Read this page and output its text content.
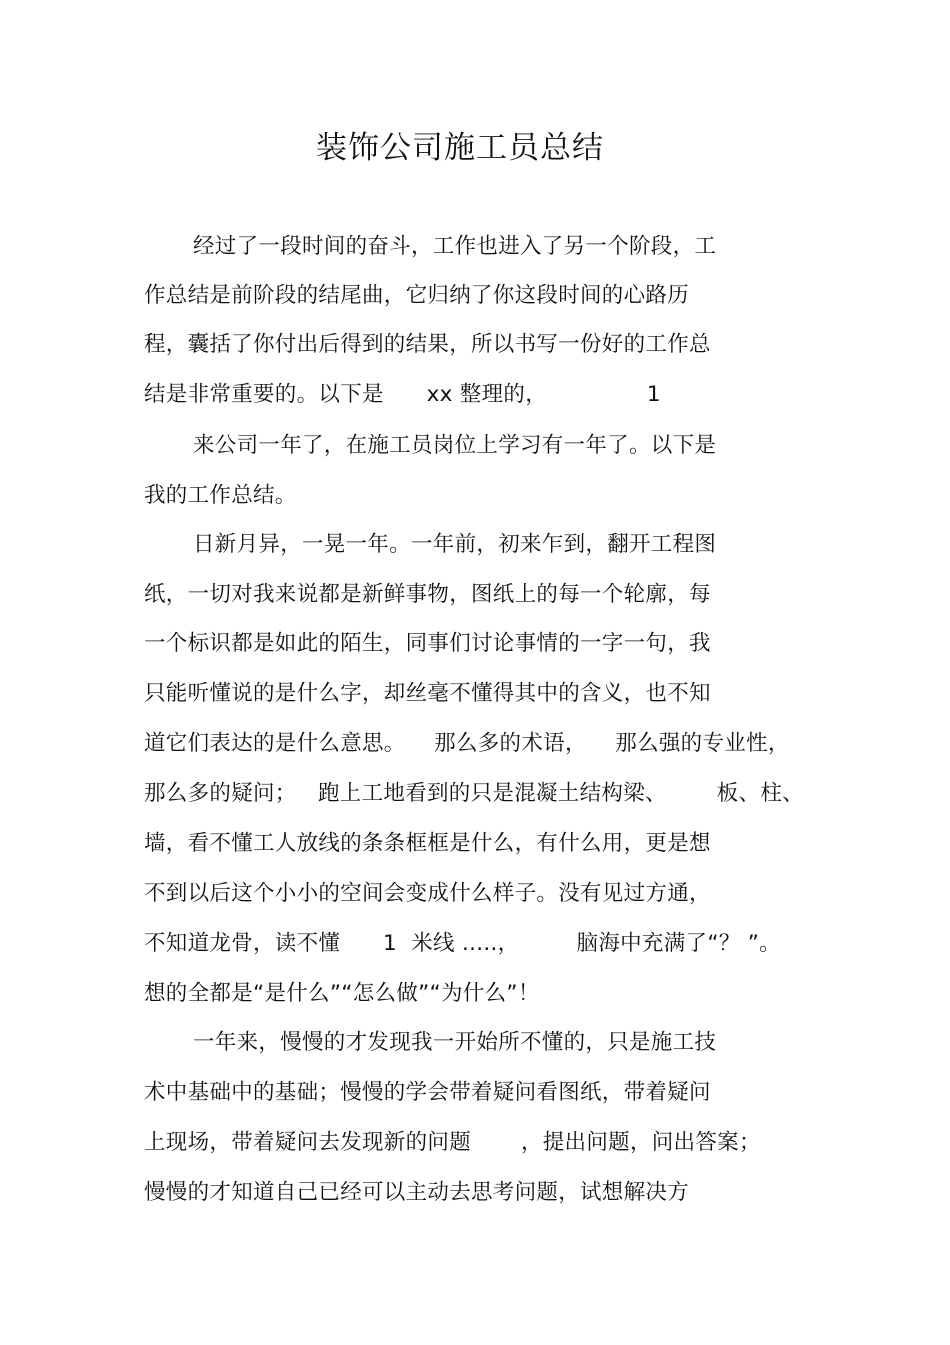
装饰公司施工员总结
经过了一段时间的奋斗，工作也进入了另一个阶段，工
作总结是前阶段的结尾曲，它归纳了你这段时间的心路历
程，囊括了你付出后得到的结果，所以书写一份好的工作总
结是非常重要的。以下是      xx 整理的，              1
来公司一年了，在施工员岗位上学习有一年了。以下是
我的工作总结。
日新月异，一晃一年。一年前，初来乍到，翻开工程图
纸，一切对我来说都是新鲜事物，图纸上的每一个轮廓，每
一个标识都是如此的陌生，同事们讨论事情的一字一句，我
只能听懂说的是什么字，却丝毫不懂得其中的含义，也不知
道它们表达的是什么意思。    那么多的术语，    那么强的专业性，
那么多的疑问；   跑上工地看到的只是混凝土结构梁、       板、柱、
墙，看不懂工人放线的条条框框是什么，有什么用，更是想
不到以后这个小小的空间会变成什么样子。没有见过方通，
不知道龙骨，读不懂      1  米线 .....，        脑海中充满了“？ ”。
想的全都是“是什么”“怎么做”“为什么”！
一年来，慢慢的才发现我一开始所不懂的，只是施工技
术中基础中的基础；慢慢的学会带着疑问看图纸，带着疑问
上现场，带着疑问去发现新的问题       ，提出问题，问出答案；
慢慢的才知道自己已经可以主动去思考问题，试想解决方
